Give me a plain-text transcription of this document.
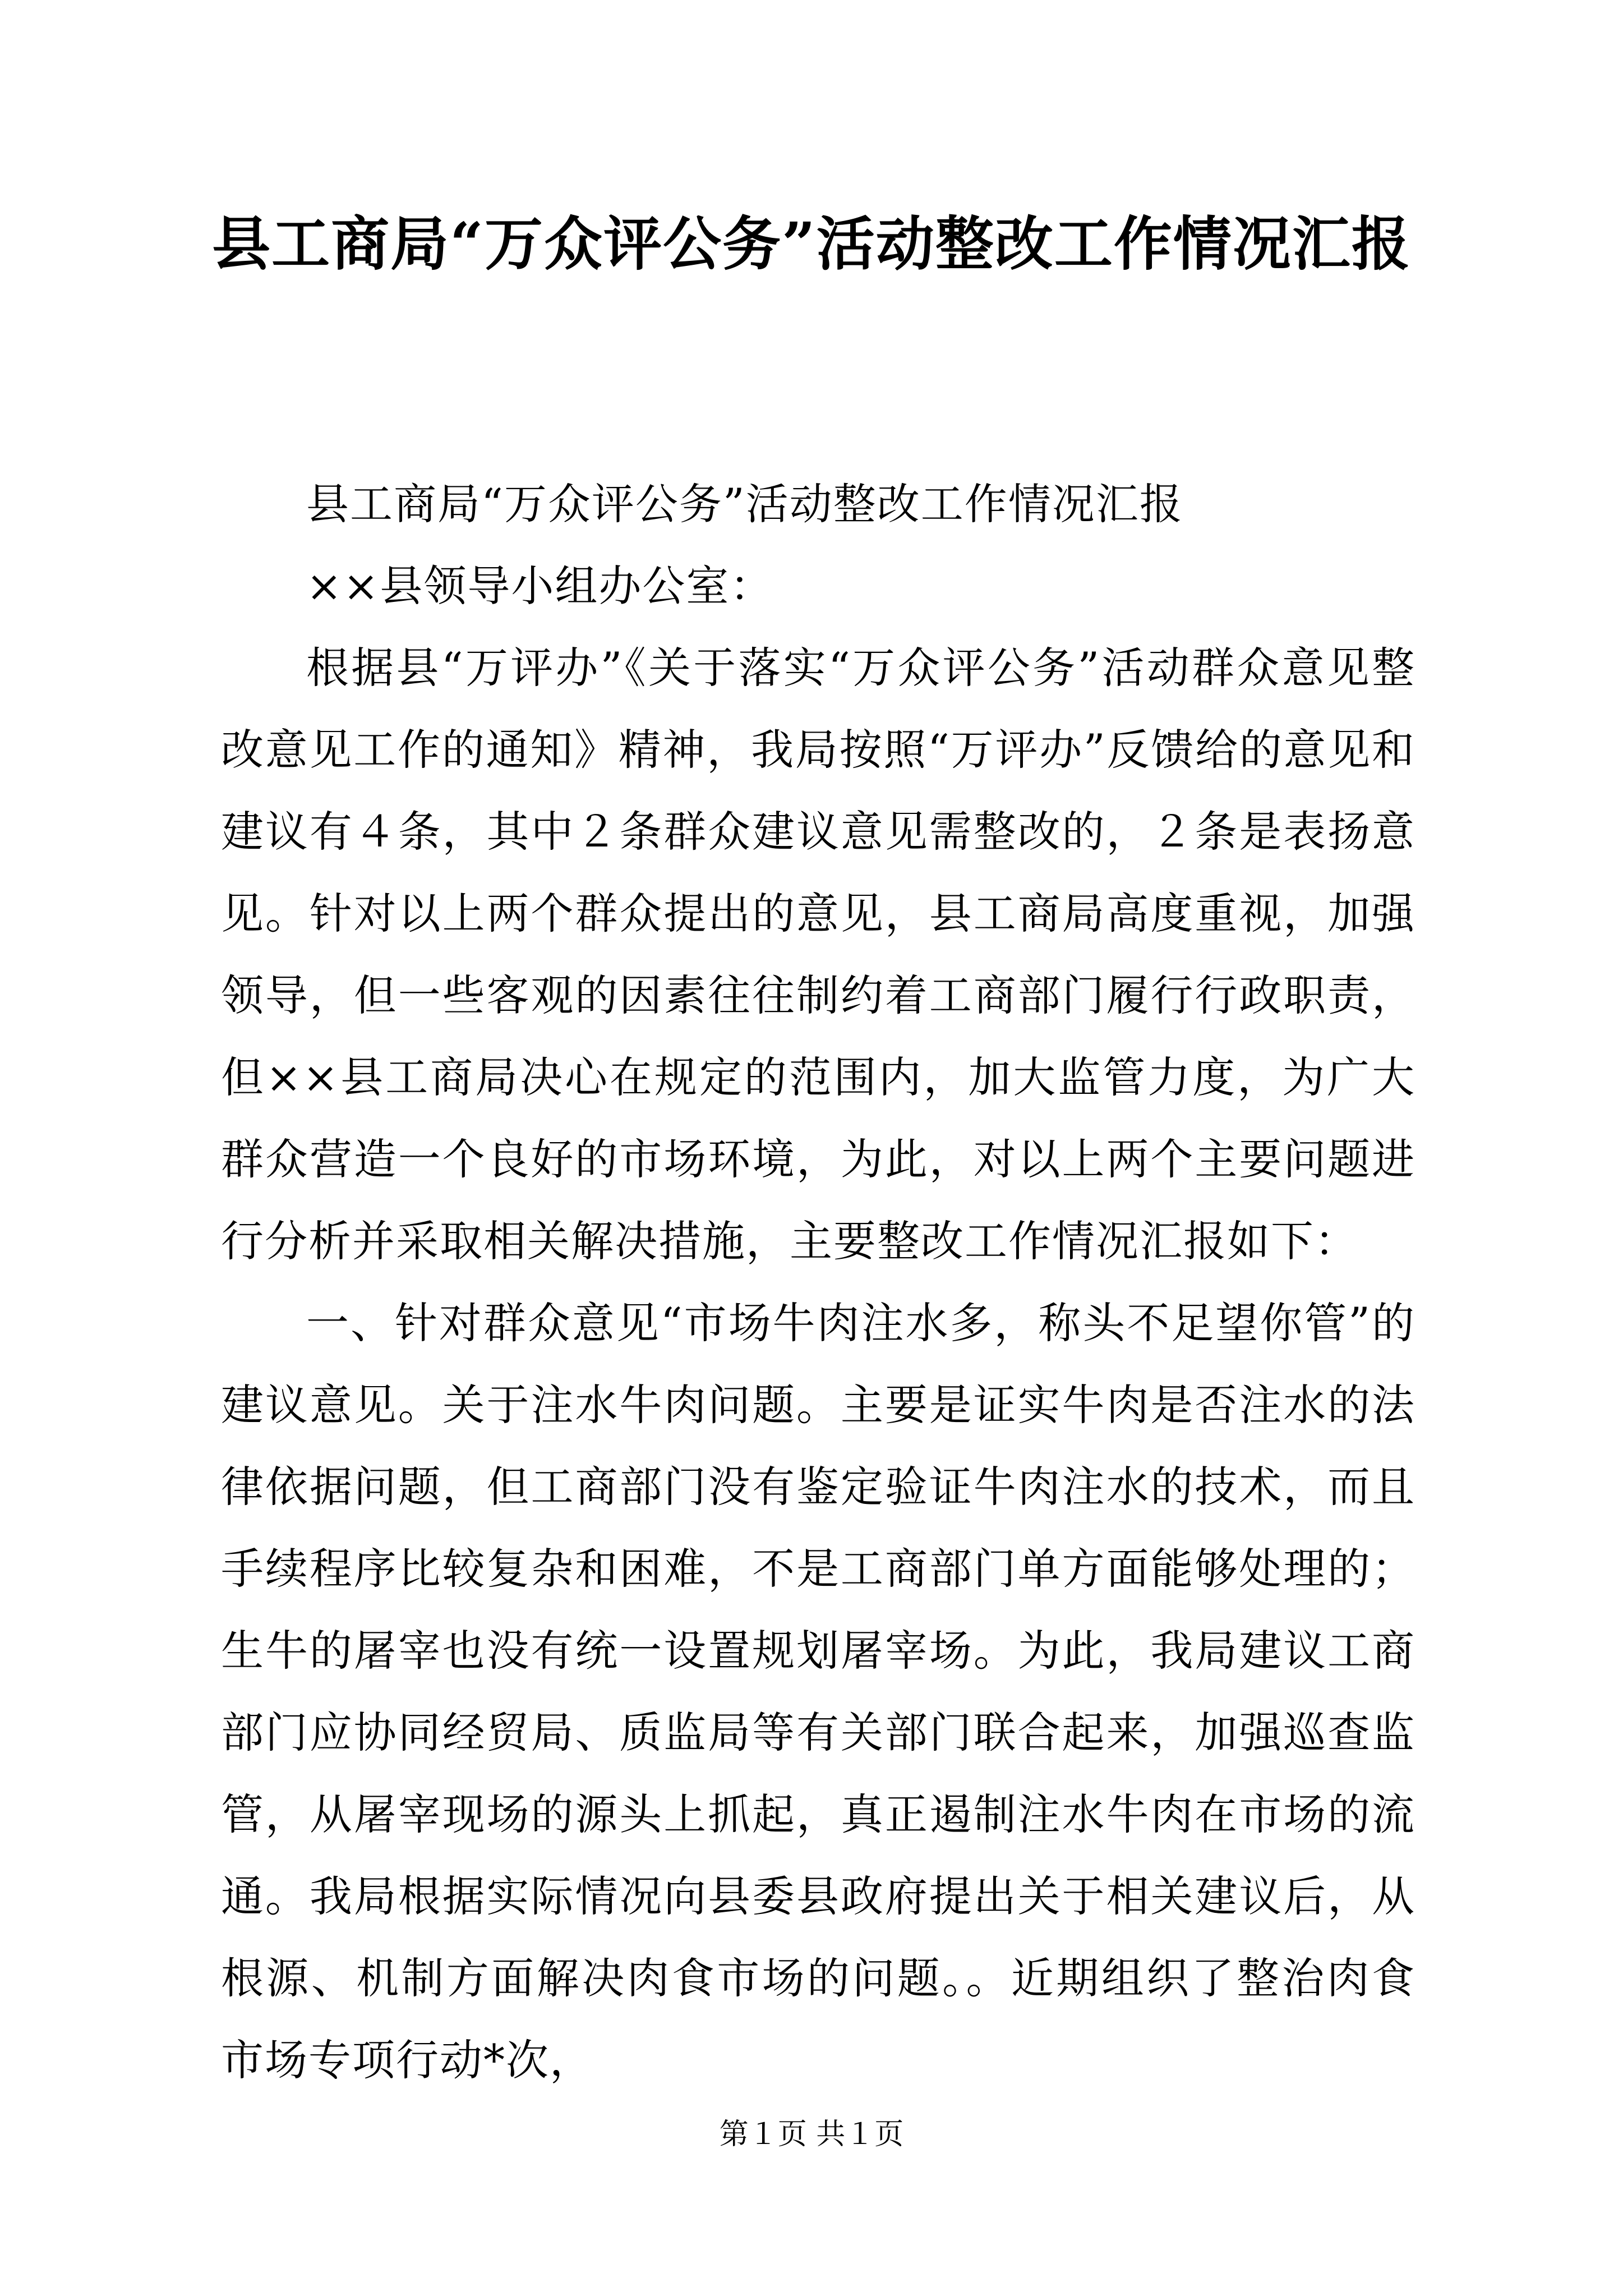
县工商局“万众评公务”活动整改工作情况汇报

县工商局“万众评公务”活动整改工作情况汇报

××县领导小组办公室：

根据县“万评办”《关于落实“万众评公务”活动群众意见整改意见工作的通知》精神，我局按照“万评办”反馈给的意见和建议有４条，其中２条群众建议意见需整改的，２条是表扬意见。针对以上两个群众提出的意见，县工商局高度重视，加强领导，但一些客观的因素往往制约着工商部门履行行政职责，但××县工商局决心在规定的范围内，加大监管力度，为广大群众营造一个良好的市场环境，为此，对以上两个主要问题进行分析并采取相关解决措施，主要整改工作情况汇报如下：

一、针对群众意见“市场牛肉注水多，称头不足望你管”的建议意见。关于注水牛肉问题。主要是证实牛肉是否注水的法律依据问题，但工商部门没有鉴定验证牛肉注水的技术，而且手续程序比较复杂和困难，不是工商部门单方面能够处理的；生牛的屠宰也没有统一设置规划屠宰场。为此，我局建议工商部门应协同经贸局、质监局等有关部门联合起来，加强巡查监管，从屠宰现场的源头上抓起，真正遏制注水牛肉在市场的流通。我局根据实际情况向县委县政府提出关于相关建议后，从根源、机制方面解决肉食市场的问题。。近期组织了整治肉食市场专项行动*次，

第１页 共１页
